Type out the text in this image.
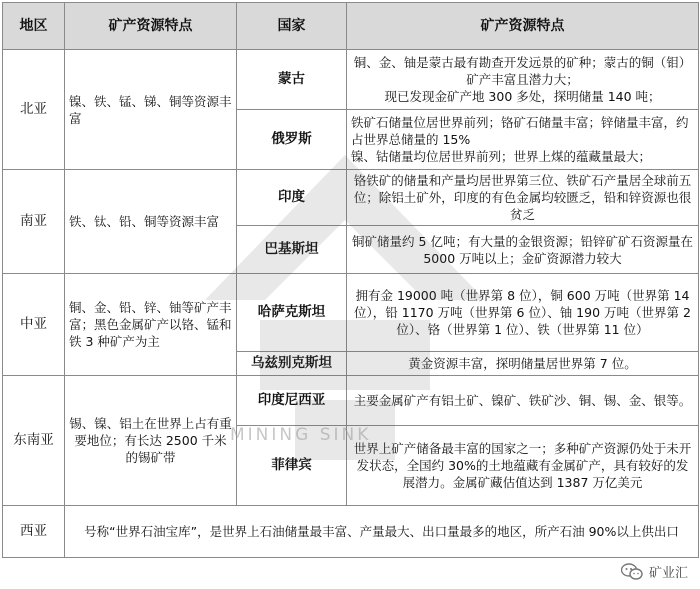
地区	矿产资源特点	国家	矿产资源特点
北亚	镍、铁、锰、锑、铜等资源丰富	蒙古	铜、金、铀是蒙古最有勘查开发远景的矿种；蒙古的铜（钼）矿产丰富且潜力大；
现已发现金矿产地 300 多处，探明储量 140 吨；
		俄罗斯	铁矿石储量位居世界前列；铬矿石储量丰富；锌储量丰富，约占世界总储量的 15%
镍、钴储量均位居世界前列；世界上煤的蕴藏量最大；
南亚	铁、钛、铅、铜等资源丰富	印度	铬铁矿的储量和产量均居世界第三位、铁矿石产量居全球前五位；除铝土矿外，印度的有色金属均较匮乏，铅和锌资源也很贫乏
		巴基斯坦	铜矿储量约 5 亿吨；有大量的金银资源；铅锌矿矿石资源量在 5000 万吨以上；金矿资源潜力较大
中亚	铜、金、铅、锌、铀等矿产丰富；黑色金属矿产以铬、锰和铁 3 种矿产为主	哈萨克斯坦	拥有金 19000 吨（世界第 8 位），铜 600 万吨（世界第 14 位），铅 1170 万吨（世界第 6 位）、铀 190 万吨（世界第 2 位）、铬（世界第 1 位）、铁（世界第 11 位）
		乌兹别克斯坦	黄金资源丰富，探明储量居世界第 7 位。
东南亚	锡、镍、铝土在世界上占有重要地位；有长达 2500 千米的锡矿带	印度尼西亚	主要金属矿产有铝土矿、镍矿、铁矿沙、铜、锡、金、银等。
		菲律宾	世界上矿产储备最丰富的国家之一；多种矿产资源仍处于未开发状态，全国约 30%的土地蕴藏有金属矿产，具有较好的发展潜力。金属矿藏估值达到 1387 万亿美元
西亚	号称“世界石油宝库”，是世界上石油储量最丰富、产量最大、出口量最多的地区，所产石油 90%以上供出口		
MINING SINK
矿业汇
